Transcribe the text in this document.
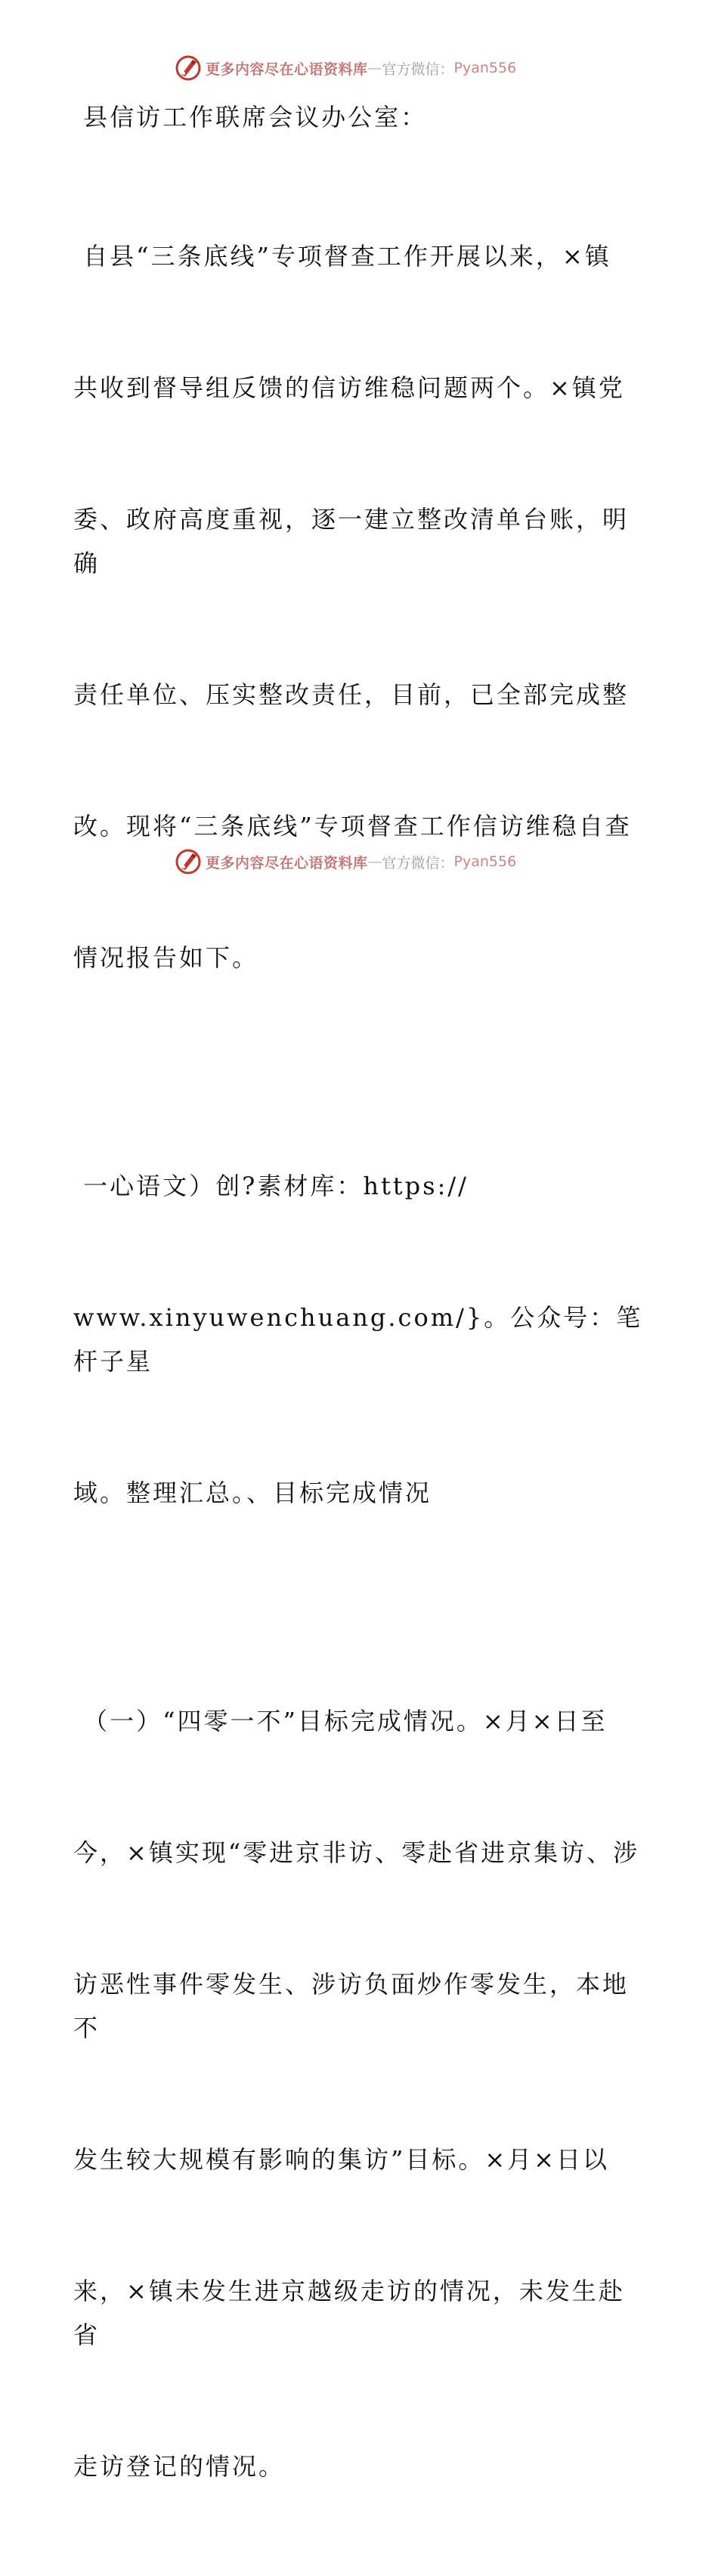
更多内容尽在心语资料库 — 官方微信： Pyan556

县信访工作联席会议办公室：

自县“三条底线”专项督查工作开展以来，×镇

共收到督导组反馈的信访维稳问题两个。×镇党

委、政府高度重视，逐一建立整改清单台账，明确

责任单位、压实整改责任，目前，已全部完成整

改。现将“三条底线”专项督查工作信访维稳自查

情况报告如下。

一心语文）创?素材库：https://

www.xinyuwenchuang.com/}。公众号：笔杆子星

域。整理汇总。、目标完成情况

（一）“四零一不”目标完成情况。×月×日至

今，×镇实现“零进京非访、零赴省进京集访、涉

访恶性事件零发生、涉访负面炒作零发生，本地不

发生较大规模有影响的集访”目标。×月×日以

来，×镇未发生进京越级走访的情况，未发生赴省

走访登记的情况。

更多内容尽在心语资料库 — 官方微信： Pyan556
